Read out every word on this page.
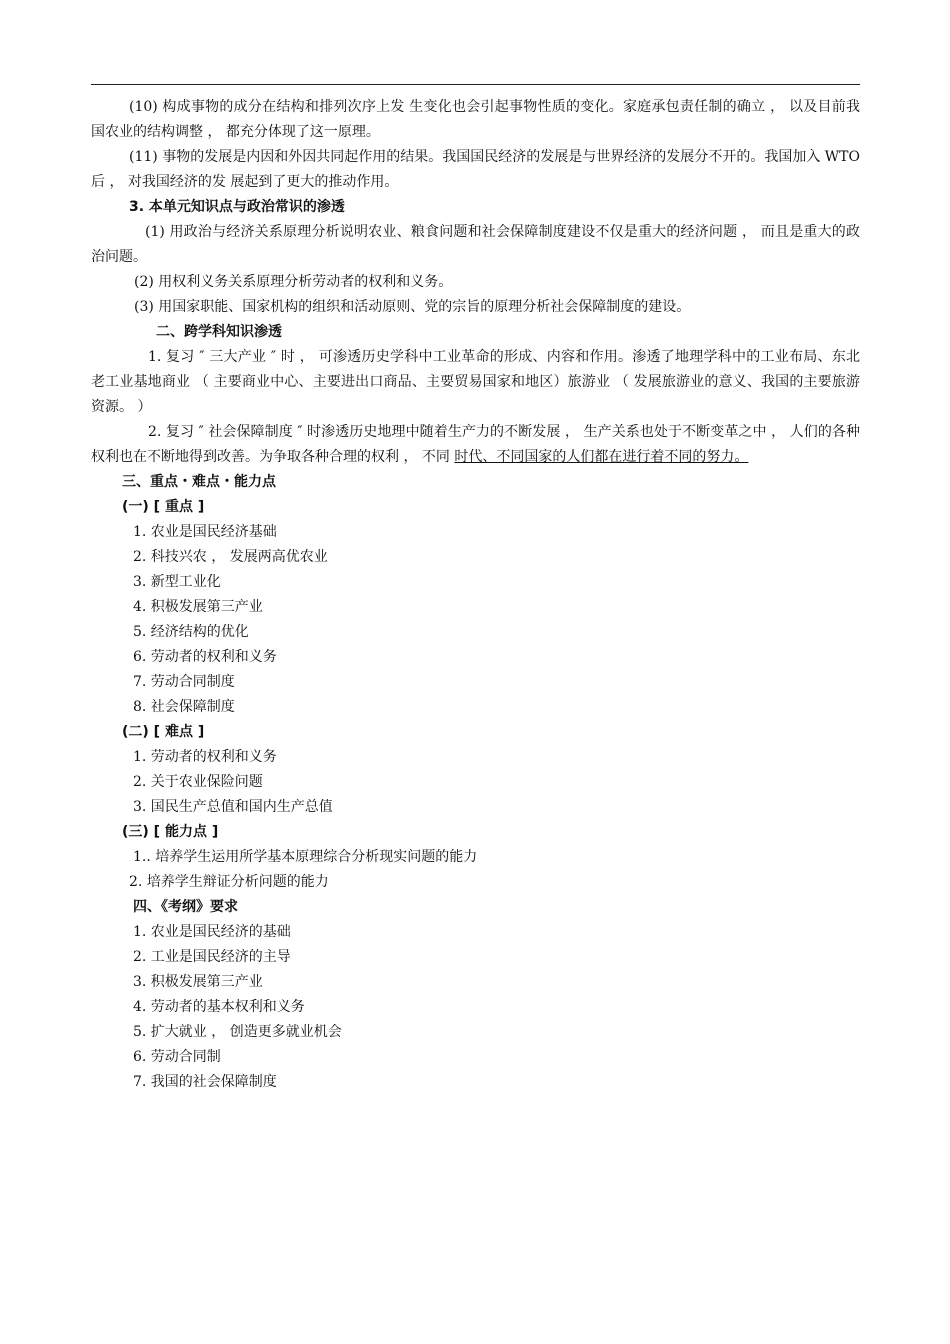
(10) 构成事物的成分在结构和排列次序上发 生变化也会引起事物性质的变化。家庭承包责任制的确立 ， 以及目前我国农业的结构调整 ， 都充分体现了这一原理。

(11) 事物的发展是内因和外因共同起作用的结果。我国国民经济的发展是与世界经济的发展分不开的。我国加入 WTO 后 ， 对我国经济的发 展起到了更大的推动作用。

3. 本单元知识点与政治常识的渗透

(1) 用政治与经济关系原理分析说明农业、粮食问题和社会保障制度建设不仅是重大的经济问题 ， 而且是重大的政治问题。

(2) 用权利义务关系原理分析劳动者的权利和义务。

(3) 用国家职能、国家机构的组织和活动原则、党的宗旨的原理分析社会保障制度的建设。

二、跨学科知识渗透

1. 复习 ″ 三大产业 ″ 时 ， 可渗透历史学科中工业革命的形成、内容和作用。渗透了地理学科中的工业布局、东北老工业基地商业 （ 主要商业中心、主要进出口商品、主要贸易国家和地区）旅游业 （ 发展旅游业的意义、我国的主要旅游资源。 ）

2. 复习 ″ 社会保障制度 ″ 时渗透历史地理中随着生产力的不断发展 ， 生产关系也处于不断变革之中 ， 人们的各种权利也在不断地得到改善。为争取各种合理的权利 ， 不同 时代、不同国家的人们都在进行着不同的努力。

三、重点・难点・能力点

(一) [ 重点 ]

1. 农业是国民经济基础

2. 科技兴农 ， 发展两高优农业

3. 新型工业化

4. 积极发展第三产业

5. 经济结构的优化

6. 劳动者的权利和义务

7. 劳动合同制度

8. 社会保障制度

(二) [ 难点 ]

1. 劳动者的权利和义务

2. 关于农业保险问题

3. 国民生产总值和国内生产总值

(三) [ 能力点 ]

1.. 培养学生运用所学基本原理综合分析现实问题的能力

2. 培养学生辩证分析问题的能力

四、《考纲》要求

1. 农业是国民经济的基础

2. 工业是国民经济的主导

3. 积极发展第三产业

4. 劳动者的基本权利和义务

5. 扩大就业 ， 创造更多就业机会

6. 劳动合同制

7. 我国的社会保障制度
